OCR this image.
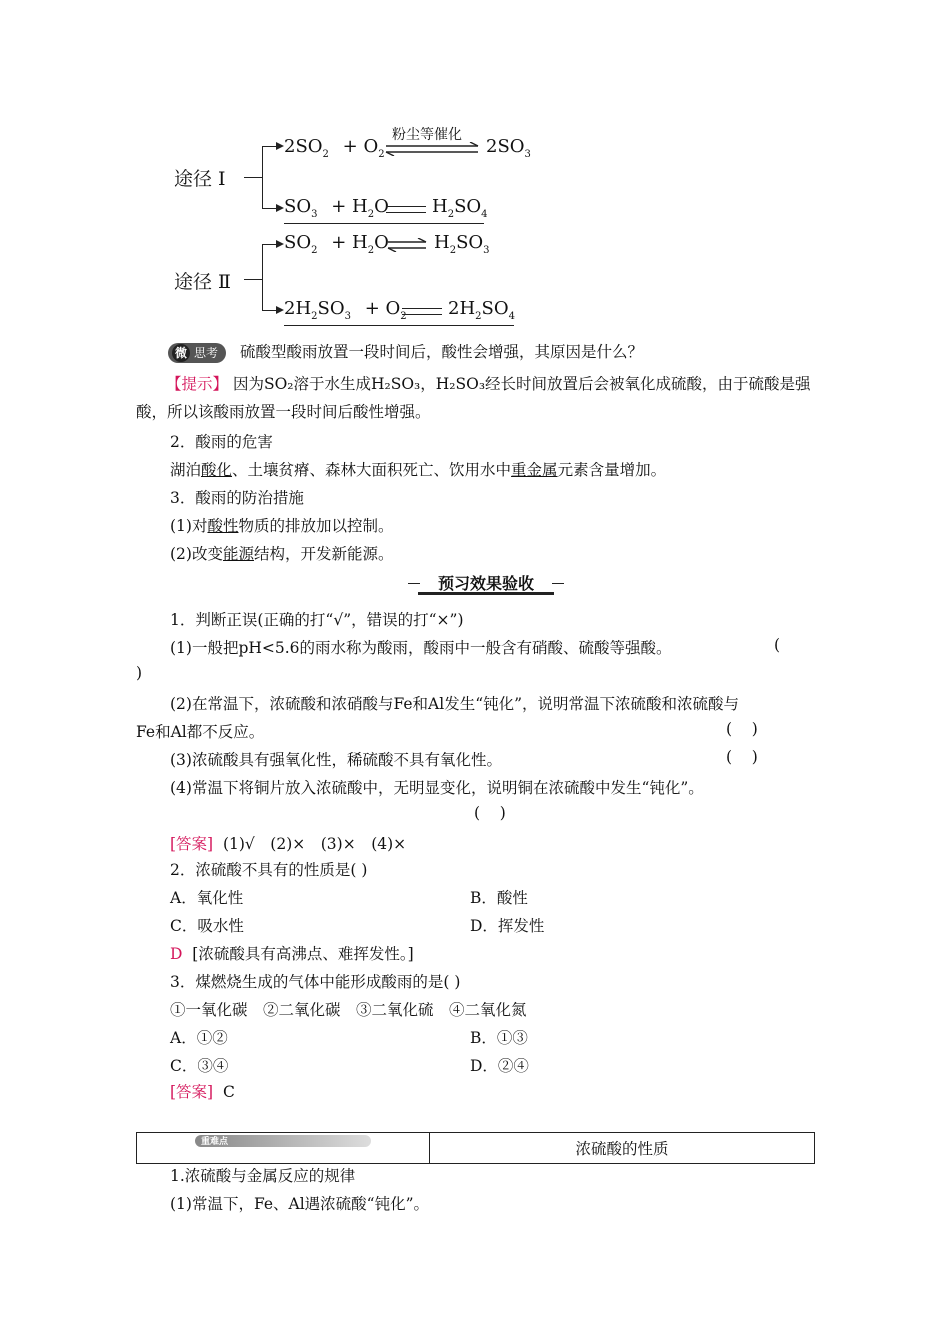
途径 Ⅰ
$2SO_2 + O_2$
粉尘等催化
$2SO_3$
$SO_3 + H_2O$ $H_2SO_4$
途径 Ⅱ
$SO_2 + H_2O$ ⇌ $H_2SO_3$
$2H_2SO_3 + O_2$ $2H_2SO_4$
微 思考 硫酸型酸雨放置一段时间后，酸性会增强，其原因是什么？
【提示】 因为SO₂溶于水生成H₂SO₃，H₂SO₃经长时间放置后会被氧化成硫酸，由于硫酸是强酸，所以该酸雨放置一段时间后酸性增强。
2．酸雨的危害
湖泊酸化、土壤贫瘠、森林大面积死亡、饮用水中重金属元素含量增加。
3．酸雨的防治措施
(1)对酸性物质的排放加以控制。
(2)改变能源结构，开发新能源。
预习效果验收
1．判断正误(正确的打“√”，错误的打“×”)
(1)一般把pH<5.6的雨水称为酸雨，酸雨中一般含有硝酸、硫酸等强酸。	(
)
(2)在常温下，浓硫酸和浓硝酸与Fe和Al发生“钝化”，说明常温下浓硫酸和浓硫酸与
Fe和Al都不反应。	(    )
(3)浓硫酸具有强氧化性，稀硫酸不具有氧化性。	(    )
(4)常温下将铜片放入浓硫酸中，无明显变化，说明铜在浓硫酸中发生“钝化”。
(    )
[答案] (1)√　(2)×　(3)×　(4)×
2．浓硫酸不具有的性质是( )
A．氧化性	B．酸性
C．吸水性	D．挥发性
D [浓硫酸具有高沸点、难挥发性。]
3．煤燃烧生成的气体中能形成酸雨的是( )
①一氧化碳　②二氧化碳　③二氧化硫　④二氧化氮
A．①②	B．①③
C．③④	D．②④
[答案] C
重难点	浓硫酸的性质
1.浓硫酸与金属反应的规律
(1)常温下，Fe、Al遇浓硫酸“钝化”。
